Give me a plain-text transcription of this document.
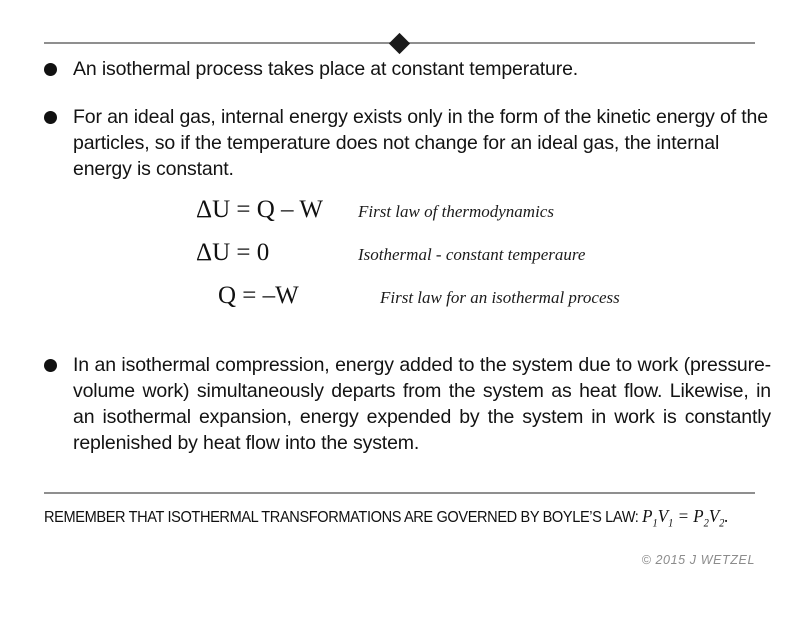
An isothermal process takes place at constant temperature.
For an ideal gas, internal energy exists only in the form of the kinetic energy of the particles, so if the temperature does not change for an ideal gas, the internal energy is constant.
ΔU = Q – W	First law of thermodynamics
ΔU = 0	Isothermal - constant temperaure
Q = –W	First law for an isothermal process
In an isothermal compression, energy added to the system due to work (pressure-volume work) simultaneously departs from the system as heat flow. Likewise, in an isothermal expansion, energy expended by the system in work is constantly replenished by heat flow into the system.
REMEMBER THAT ISOTHERMAL TRANSFORMATIONS ARE GOVERNED BY BOYLE’S LAW: $P_1V_1 = P_2V_2$.
© 2015 J WETZEL
